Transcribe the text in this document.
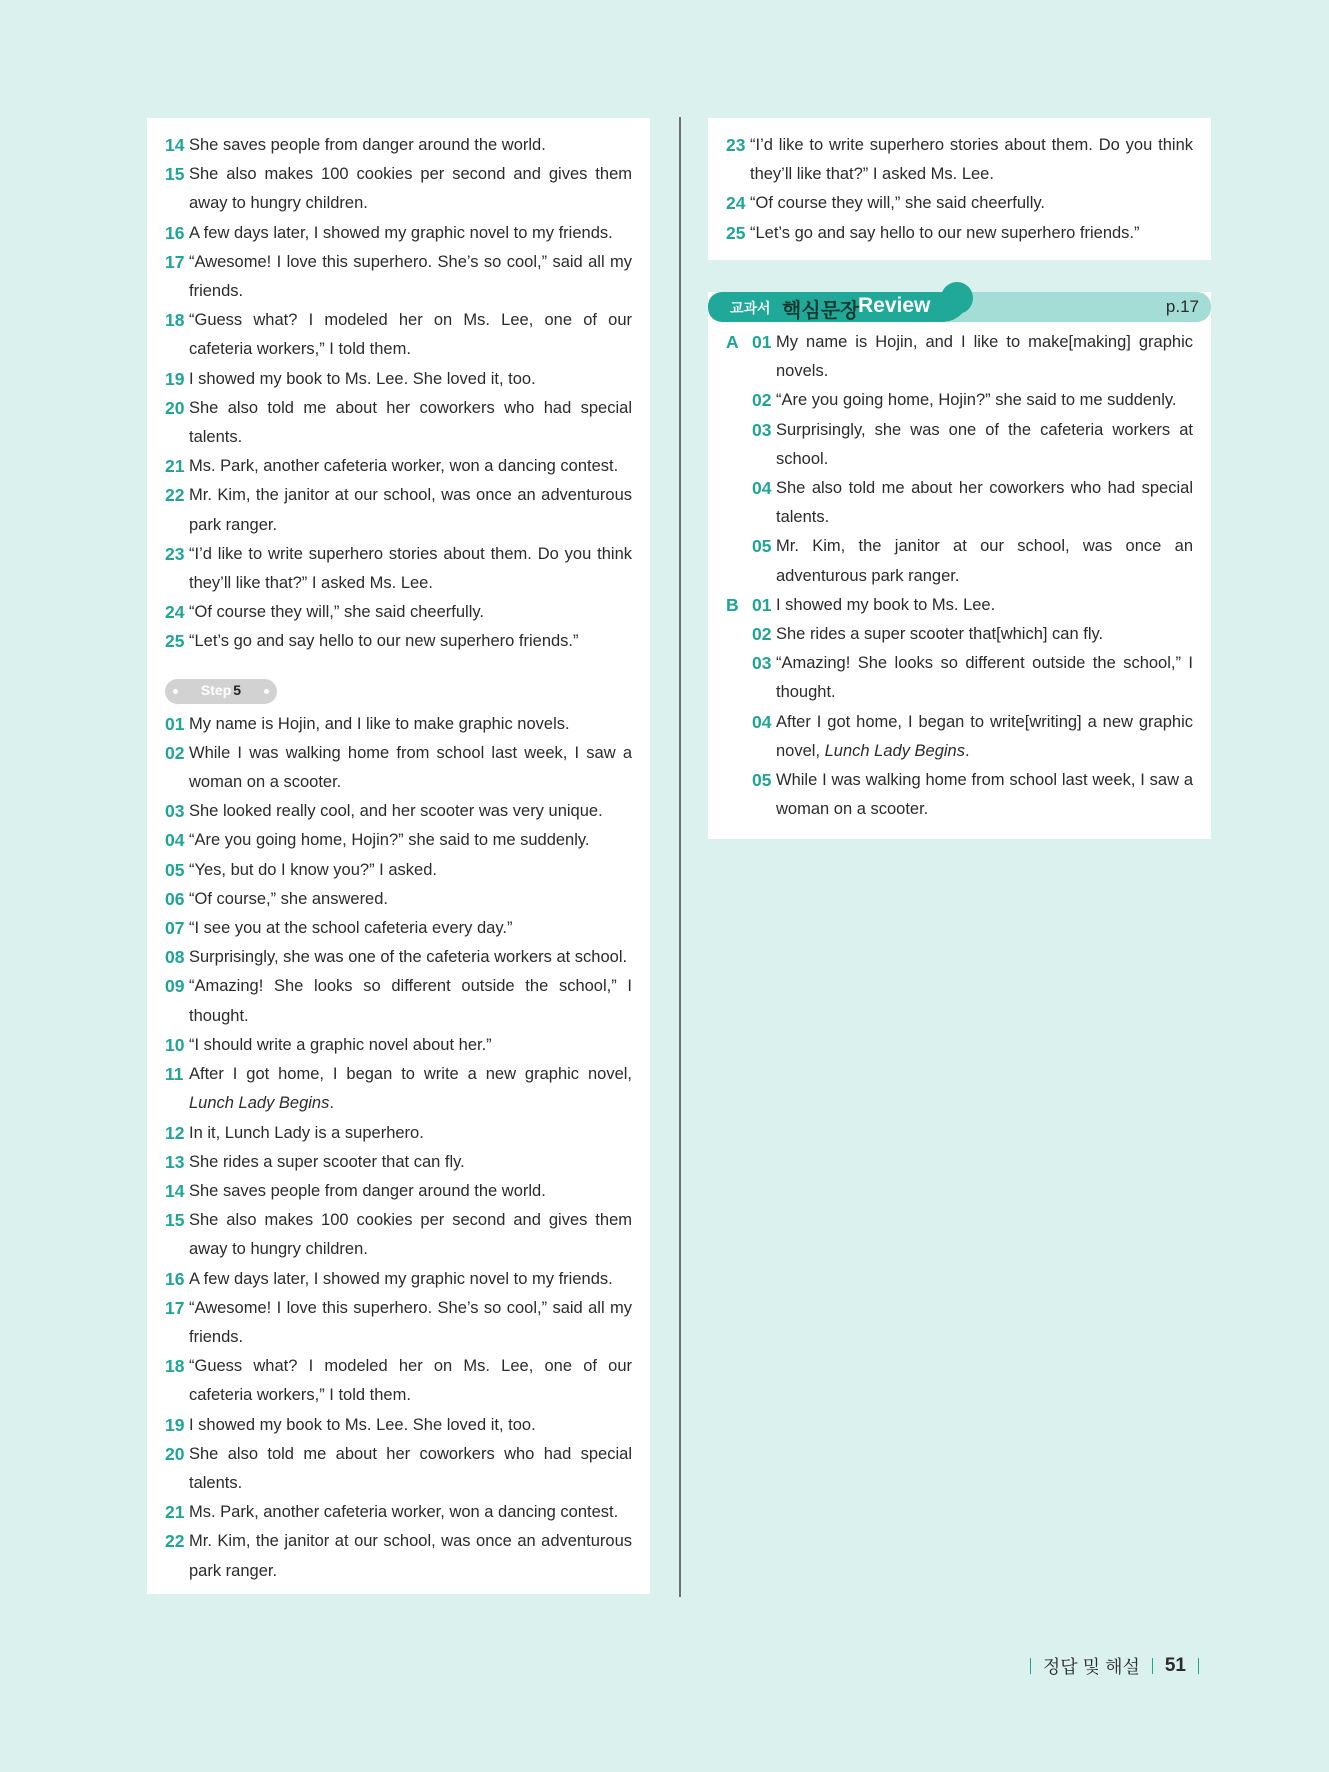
14 She saves people from danger around the world.
15 She also makes 100 cookies per second and gives them away to hungry children.
16 A few days later, I showed my graphic novel to my friends.
17 “Awesome! I love this superhero. She’s so cool,” said all my friends.
18 “Guess what? I modeled her on Ms. Lee, one of our cafeteria workers,” I told them.
19 I showed my book to Ms. Lee. She loved it, too.
20 She also told me about her coworkers who had special talents.
21 Ms. Park, another cafeteria worker, won a dancing contest.
22 Mr. Kim, the janitor at our school, was once an adventurous park ranger.
23 “I’d like to write superhero stories about them. Do you think they’ll like that?” I asked Ms. Lee.
24 “Of course they will,” she said cheerfully.
25 “Let’s go and say hello to our new superhero friends.”
Step 5
01 My name is Hojin, and I like to make graphic novels.
02 While I was walking home from school last week, I saw a woman on a scooter.
03 She looked really cool, and her scooter was very unique.
04 “Are you going home, Hojin?” she said to me suddenly.
05 “Yes, but do I know you?” I asked.
06 “Of course,” she answered.
07 “I see you at the school cafeteria every day.”
08 Surprisingly, she was one of the cafeteria workers at school.
09 “Amazing! She looks so different outside the school,” I thought.
10 “I should write a graphic novel about her.”
11 After I got home, I began to write a new graphic novel, Lunch Lady Begins.
12 In it, Lunch Lady is a superhero.
13 She rides a super scooter that can fly.
14 She saves people from danger around the world.
15 She also makes 100 cookies per second and gives them away to hungry children.
16 A few days later, I showed my graphic novel to my friends.
17 “Awesome! I love this superhero. She’s so cool,” said all my friends.
18 “Guess what? I modeled her on Ms. Lee, one of our cafeteria workers,” I told them.
19 I showed my book to Ms. Lee. She loved it, too.
20 She also told me about her coworkers who had special talents.
21 Ms. Park, another cafeteria worker, won a dancing contest.
22 Mr. Kim, the janitor at our school, was once an adventurous park ranger.
23 “I’d like to write superhero stories about them. Do you think they’ll like that?” I asked Ms. Lee.
24 “Of course they will,” she said cheerfully.
25 “Let’s go and say hello to our new superhero friends.”
A 01 My name is Hojin, and I like to make[making] graphic novels.
02 “Are you going home, Hojin?” she said to me suddenly.
03 Surprisingly, she was one of the cafeteria workers at school.
04 She also told me about her coworkers who had special talents.
05 Mr. Kim, the janitor at our school, was once an adventurous park ranger.
B 01 I showed my book to Ms. Lee.
02 She rides a super scooter that[which] can fly.
03 “Amazing! She looks so different outside the school,” I thought.
04 After I got home, I began to write[writing] a new graphic novel, Lunch Lady Begins.
05 While I was walking home from school last week, I saw a woman on a scooter.
교과서 핵심문장
Review	p.17
정답 및 해설 51
